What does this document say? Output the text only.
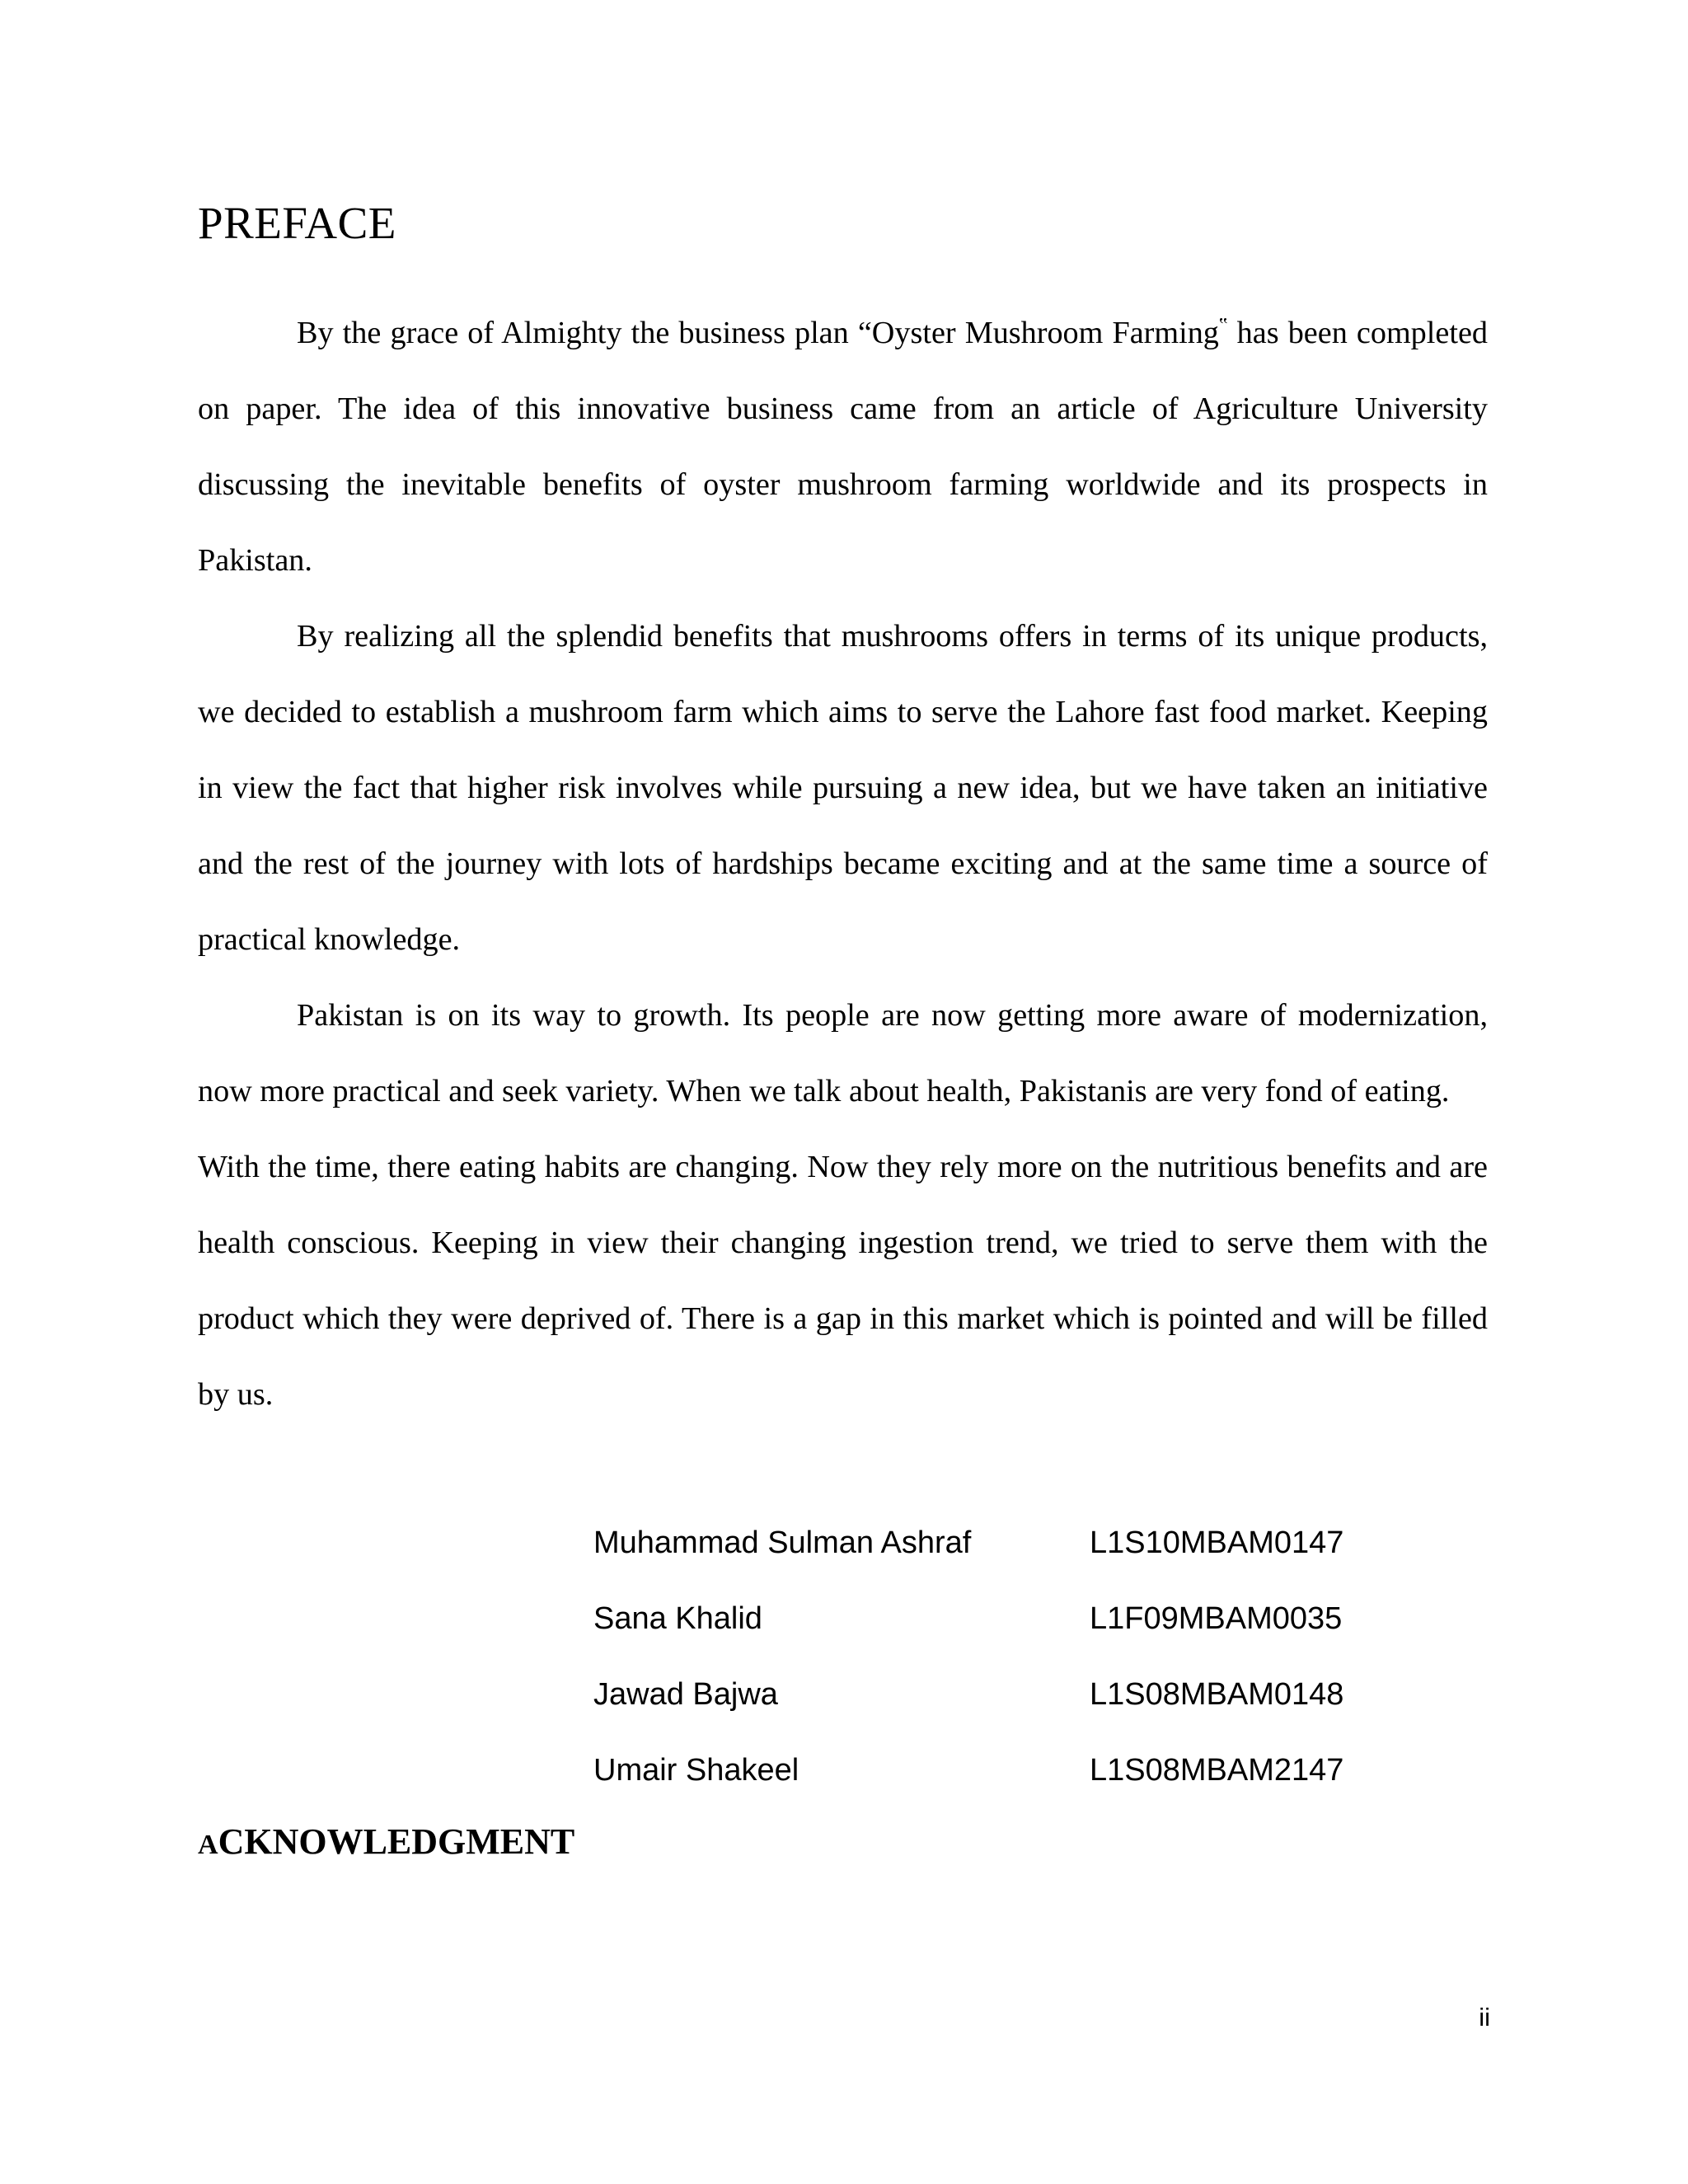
PREFACE

By the grace of Almighty the business plan “Oyster Mushroom Farming‟ has been completed on paper. The idea of this innovative business came from an article of Agriculture University discussing the inevitable benefits of oyster mushroom farming worldwide and its prospects in Pakistan.

By realizing all the splendid benefits that mushrooms offers in terms of its unique products, we decided to establish a mushroom farm which aims to serve the Lahore fast food market. Keeping in view the fact that higher risk involves while pursuing a new idea, but we have taken an initiative and the rest of the journey with lots of hardships became exciting and at the same time a source of practical knowledge.

Pakistan is on its way to growth. Its people are now getting more aware of modernization, now more practical and seek variety. When we talk about health, Pakistanis are very fond of eating.

With the time, there eating habits are changing. Now they rely more on the nutritious benefits and are health conscious. Keeping in view their changing ingestion trend, we tried to serve them with the product which they were deprived of. There is a gap in this market which is pointed and will be filled by us.

Muhammad Sulman Ashraf	L1S10MBAM0147
Sana Khalid	L1F09MBAM0035
Jawad Bajwa	L1S08MBAM0148
Umair Shakeel	L1S08MBAM2147
ACKNOWLEDGMENT
ii
